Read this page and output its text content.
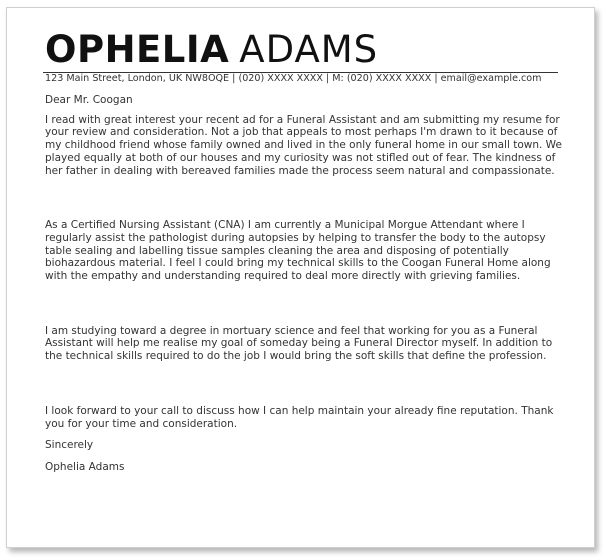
OPHELIA ADAMS
123 Main Street, London, UK NW8OQE | (020) XXXX XXXX | M: (020) XXXX XXXX | email@example.com

Dear Mr. Coogan

I read with great interest your recent ad for a Funeral Assistant and am submitting my resume for your review and consideration. Not a job that appeals to most perhaps I'm drawn to it because of my childhood friend whose family owned and lived in the only funeral home in our small town. We played equally at both of our houses and my curiosity was not stifled out of fear. The kindness of her father in dealing with bereaved families made the process seem natural and compassionate.

As a Certified Nursing Assistant (CNA) I am currently a Municipal Morgue Attendant where I regularly assist the pathologist during autopsies by helping to transfer the body to the autopsy table sealing and labelling tissue samples cleaning the area and disposing of potentially biohazardous material. I feel I could bring my technical skills to the Coogan Funeral Home along with the empathy and understanding required to deal more directly with grieving families.

I am studying toward a degree in mortuary science and feel that working for you as a Funeral Assistant will help me realise my goal of someday being a Funeral Director myself. In addition to the technical skills required to do the job I would bring the soft skills that define the profession.

I look forward to your call to discuss how I can help maintain your already fine reputation. Thank you for your time and consideration.

Sincerely

Ophelia Adams
